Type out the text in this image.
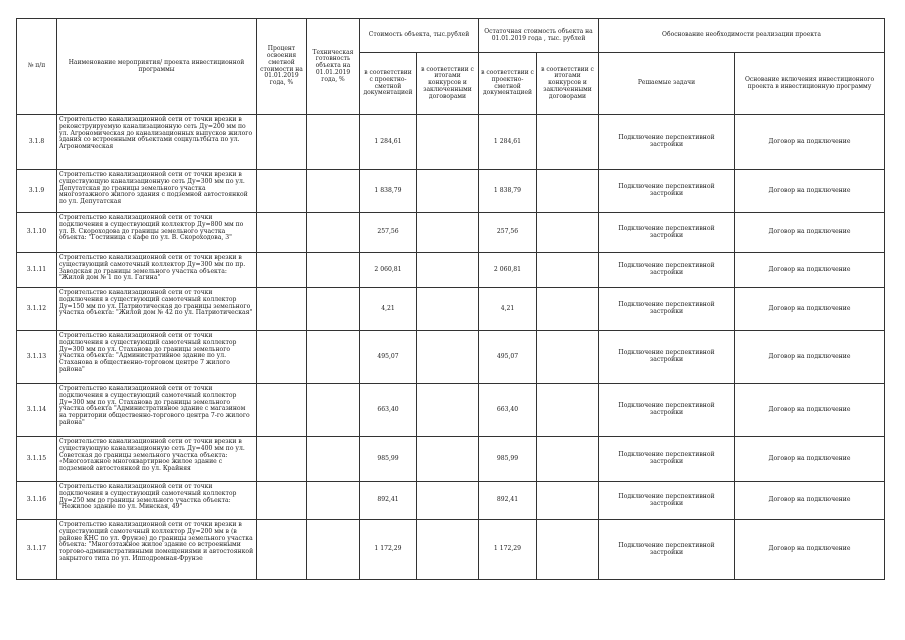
№ п/п	Наименование мероприятия/ проекта инвестиционной программы	Процент освоения сметной стоимости на 01.01.2019 года, %	Техническая готовность объекта на 01.01.2019 года, %	Стоимость объекта, тыс.рублей		Остаточная стоимость объекта на 01.01.2019 года , тыс. рублей		Обоснование необходимости реализации проекта	
				в соответствии с проектно-сметной документацией	в соответствии с итогами конкурсов и заключенными договорами	в соответствии с проектно-сметной документацией	в соответствии с итогами конкурсов и заключенными договорами	Решаемые задачи	Основание включения инвестиционного проекта в инвестиционную программу
3.1.8	Строительство канализационной сети от точки врезки в реконструируемую канализационную сеть Ду=200 мм по ул. Агрономическая до канализационных выпусков жилого здания со встроенными объектами соцкультбыта по ул. Агрономическая			1 284,61		1 284,61		Подключение перспективной застройки	Договор на подключение
3.1.9	Строительство канализационной сети от точки врезки в существующую канализационную сеть Ду=300 мм по ул. Депутатская до границы земельного участка многоэтажного жилого здания с подземной автостоянкой по ул. Депутатская			1 838,79		1 838,79		Подключение перспективной застройки	Договор на подключение
3.1.10	Строительство канализационной сети от точки подключения в существующий коллектор Ду=800 мм по ул. В. Скороходова до границы земельного участка объекта: "Гостиница с кафе по ул. В. Скороходова, 3"			257,56		257,56		Подключение перспективной застройки	Договор на подключение
3.1.11	Строительство канализационной сети от точки врезки в существующий самотечный коллектор Ду=300 мм по пр. Заводская до границы земельного участка объекта: "Жилой дом № 1 по ул. Гагина"			2 060,81		2 060,81		Подключение перспективной застройки	Договор на подключение
3.1.12	Строительство канализационной сети от точки подключения в существующий самотечный коллектор Ду=150 мм по ул. Патриотическая до границы земельного участка объекта: "Жилой дом № 42 по ул. Патриотическая"			4,21		4,21		Подключение перспективной застройки	Договор на подключение
3.1.13	Строительство канализационной сети от точки подключения в существующий самотечный коллектор Ду=300 мм по ул. Стаханова до границы земельного участка объекта: "Административное здание по ул. Стаханова в общественно-торговом центре 7 жилого района"			495,07		495,07		Подключение перспективной застройки	Договор на подключение
3.1.14	Строительство канализационной сети от точки подключения в существующий самотечный коллектор Ду=300 мм по ул. Стаханова до границы земельного участка объекта "Административное здание с магазином на территории общественно-торгового центра 7-го жилого района"			663,40		663,40		Подключение перспективной застройки	Договор на подключение
3.1.15	Строительство канализационной сети от точки врезки в существующую канализационную сеть Ду=400 мм по ул. Советская до границы земельного участка объекта: «Многоэтажное многоквартирное жилое здание с подземной автостоянкой по ул. Крайняя			985,99		985,99		Подключение перспективной застройки	Договор на подключение
3.1.16	Строительство канализационной сети от точки подключения в существующий самотечный коллектор Ду=250 мм до границы земельного участка объекта: "Нежилое здание по ул. Минская, 49"			892,41		892,41		Подключение перспективной застройки	Договор на подключение
3.1.17	Строительство канализационной сети от точки врезки в существующий самотечный коллектор Ду=200 мм в (в районе КНС по ул. Фрунзе) до границы земельного участка объекта: "Многоэтажное жилое здание со встроенными торгово-административными помещениями и автостоянкой закрытого типа по ул. Ипподромная-Фрунзе			1 172,29		1 172,29		Подключение перспективной застройки	Договор на подключение
